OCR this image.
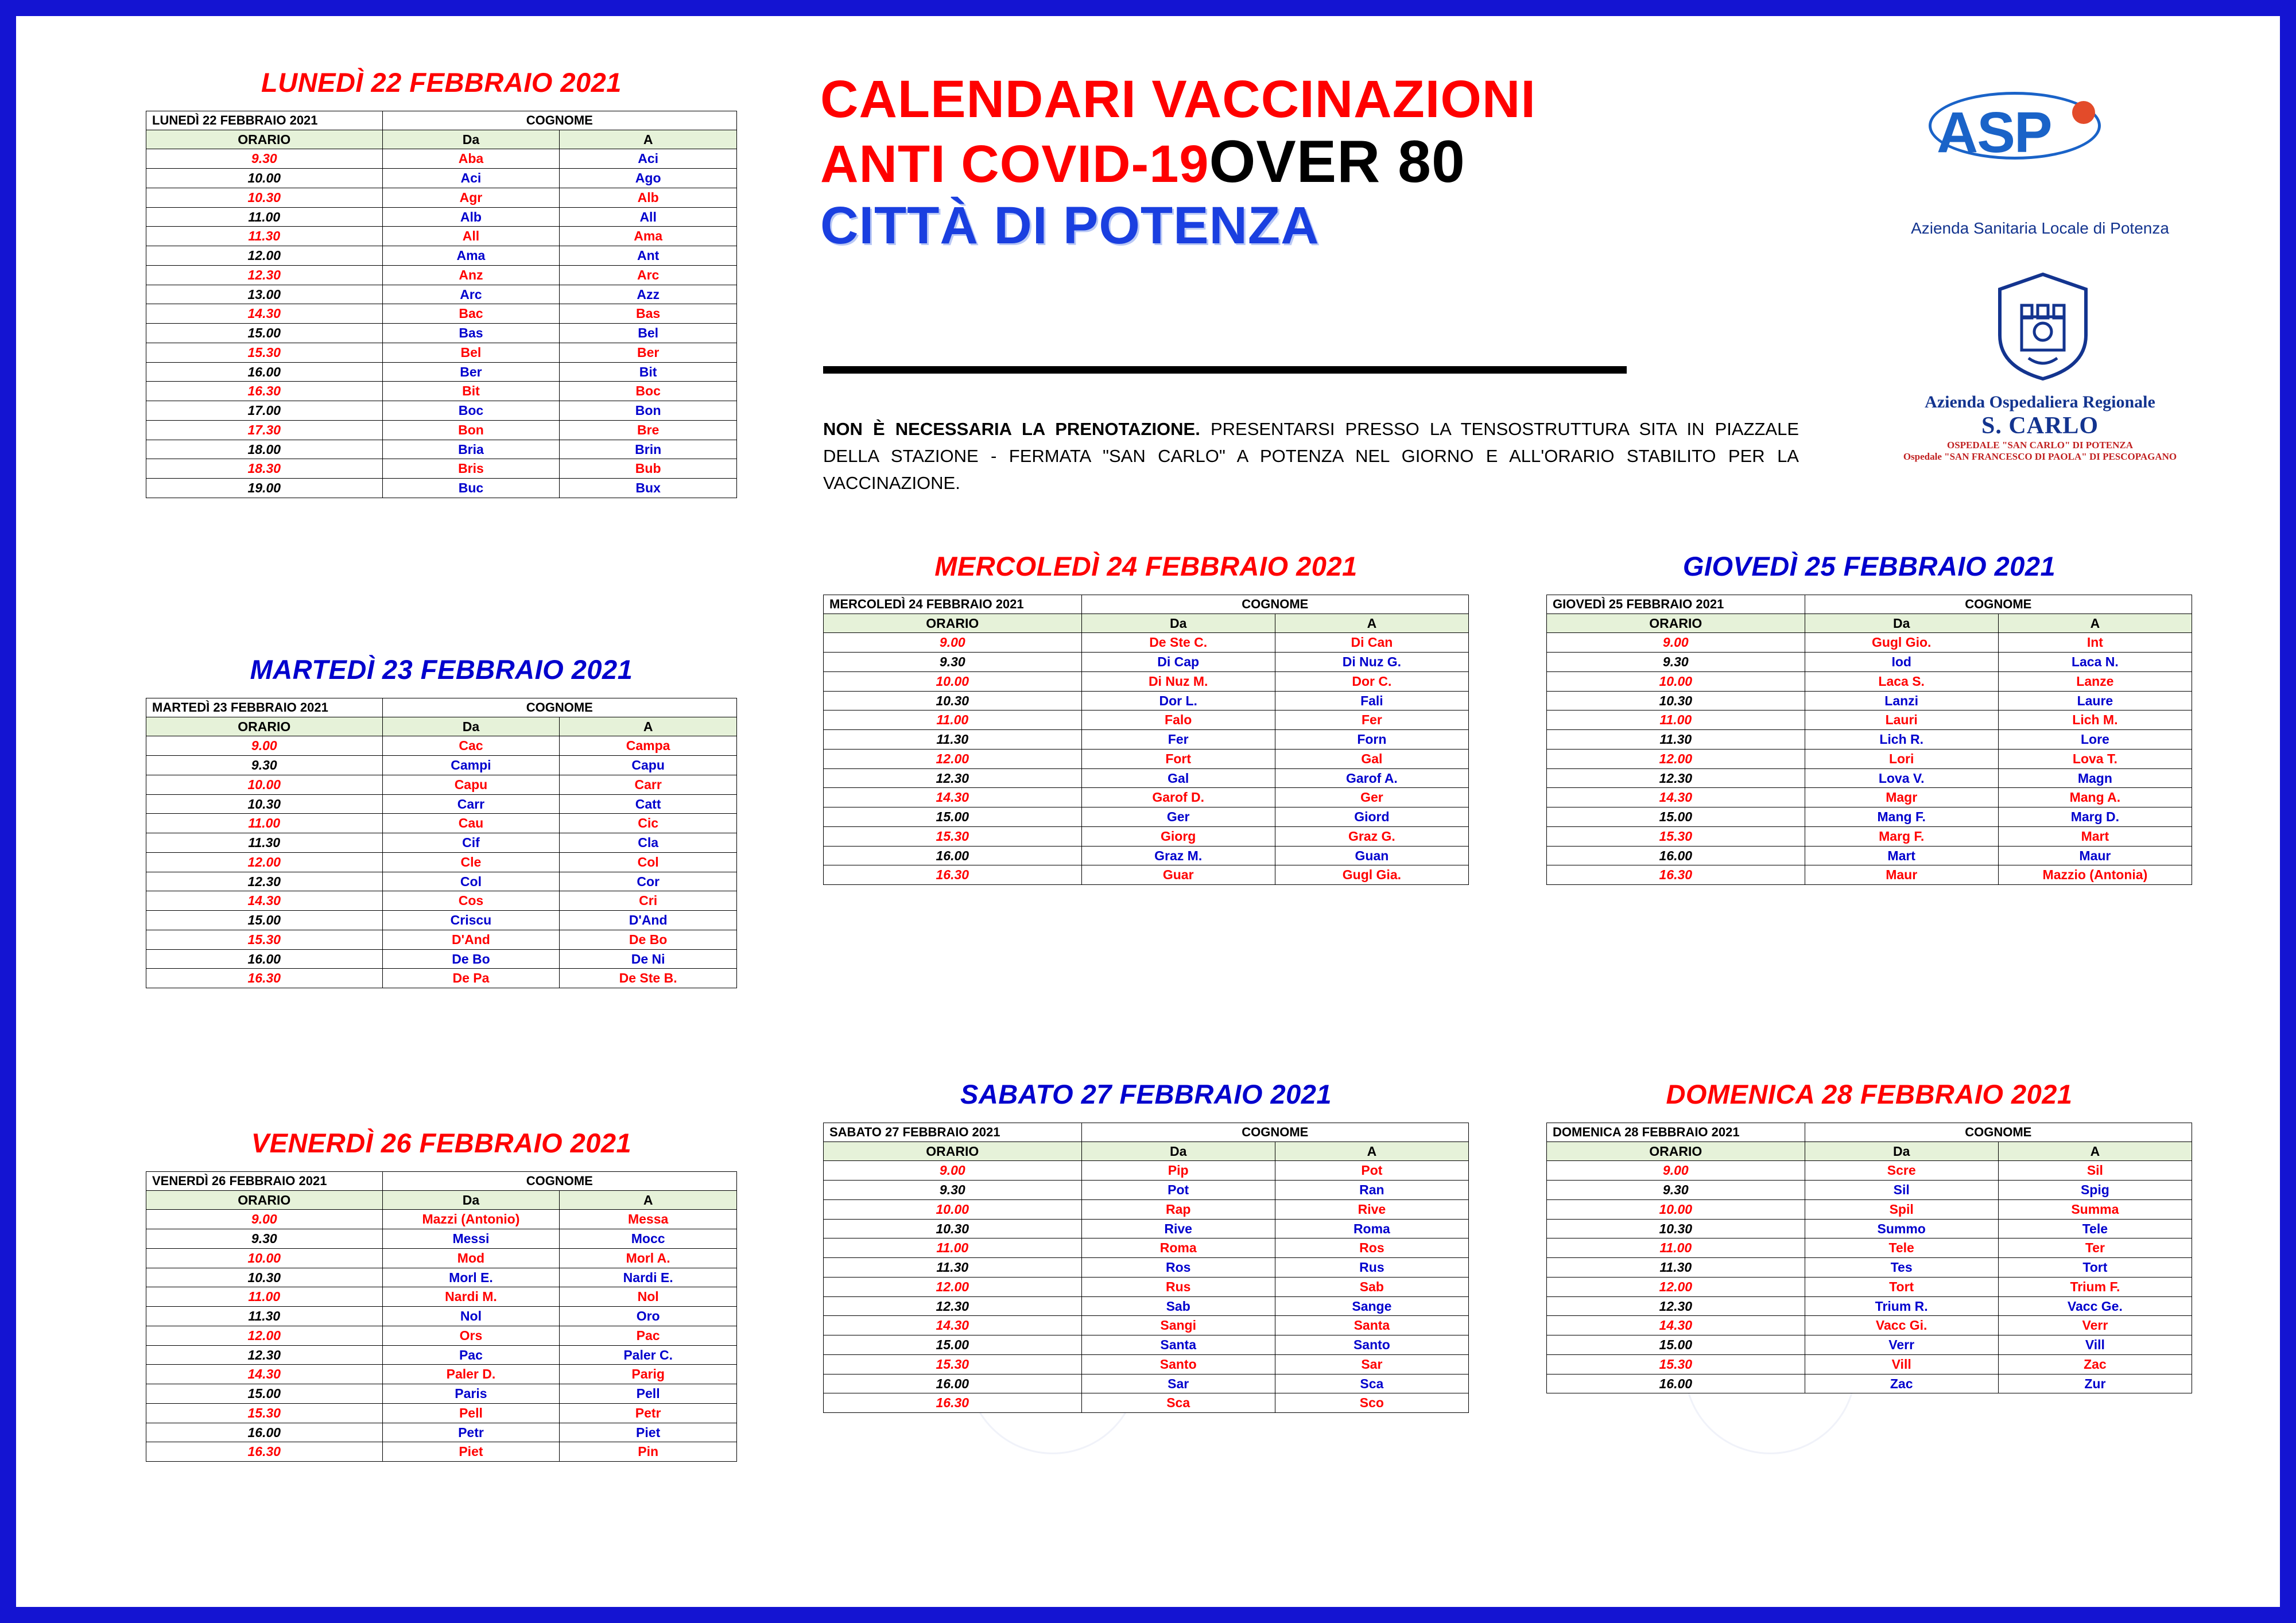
CALENDARI VACCINAZIONI
ANTI COVID-19OVER 80
CITTÀ DI POTENZA
NON È NECESSARIA LA PRENOTAZIONE. PRESENTARSI PRESSO LA TENSOSTRUTTURA SITA IN PIAZZALE DELLA STAZIONE - FERMATA "SAN CARLO" A POTENZA NEL GIORNO E ALL'ORARIO STABILITO PER LA VACCINAZIONE.
ASP
Azienda Sanitaria Locale di Potenza
Azienda Ospedaliera Regionale
S. CARLO
OSPEDALE "SAN CARLO" DI POTENZA
Ospedale "SAN FRANCESCO DI PAOLA" DI PESCOPAGANO
LUNEDÌ 22 FEBBRAIO 2021
LUNEDÌ 22 FEBBRAIO 2021	COGNOME	
ORARIO	Da	A
9.30	Aba	Aci
10.00	Aci	Ago
10.30	Agr	Alb
11.00	Alb	All
11.30	All	Ama
12.00	Ama	Ant
12.30	Anz	Arc
13.00	Arc	Azz
14.30	Bac	Bas
15.00	Bas	Bel
15.30	Bel	Ber
16.00	Ber	Bit
16.30	Bit	Boc
17.00	Boc	Bon
17.30	Bon	Bre
18.00	Bria	Brin
18.30	Bris	Bub
19.00	Buc	Bux
MARTEDÌ 23 FEBBRAIO 2021
MARTEDÌ 23 FEBBRAIO 2021	COGNOME	
ORARIO	Da	A
9.00	Cac	Campa
9.30	Campi	Capu
10.00	Capu	Carr
10.30	Carr	Catt
11.00	Cau	Cic
11.30	Cif	Cla
12.00	Cle	Col
12.30	Col	Cor
14.30	Cos	Cri
15.00	Criscu	D'And
15.30	D'And	De Bo
16.00	De Bo	De Ni
16.30	De Pa	De Ste B.
VENERDÌ 26 FEBBRAIO 2021
VENERDÌ 26 FEBBRAIO 2021	COGNOME	
ORARIO	Da	A
9.00	Mazzi (Antonio)	Messa
9.30	Messi	Mocc
10.00	Mod	Morl A.
10.30	Morl E.	Nardi E.
11.00	Nardi M.	Nol
11.30	Nol	Oro
12.00	Ors	Pac
12.30	Pac	Paler C.
14.30	Paler D.	Parig
15.00	Paris	Pell
15.30	Pell	Petr
16.00	Petr	Piet
16.30	Piet	Pin
MERCOLEDÌ 24 FEBBRAIO 2021
MERCOLEDÌ 24 FEBBRAIO 2021	COGNOME	
ORARIO	Da	A
9.00	De Ste C.	Di Can
9.30	Di Cap	Di Nuz G.
10.00	Di Nuz M.	Dor C.
10.30	Dor L.	Fali
11.00	Falo	Fer
11.30	Fer	Forn
12.00	Fort	Gal
12.30	Gal	Garof A.
14.30	Garof D.	Ger
15.00	Ger	Giord
15.30	Giorg	Graz G.
16.00	Graz M.	Guan
16.30	Guar	Gugl Gia.
SABATO 27 FEBBRAIO 2021
SABATO 27 FEBBRAIO 2021	COGNOME	
ORARIO	Da	A
9.00	Pip	Pot
9.30	Pot	Ran
10.00	Rap	Rive
10.30	Rive	Roma
11.00	Roma	Ros
11.30	Ros	Rus
12.00	Rus	Sab
12.30	Sab	Sange
14.30	Sangi	Santa
15.00	Santa	Santo
15.30	Santo	Sar
16.00	Sar	Sca
16.30	Sca	Sco
GIOVEDÌ 25 FEBBRAIO 2021
GIOVEDÌ 25 FEBBRAIO 2021	COGNOME	
ORARIO	Da	A
9.00	Gugl Gio.	Int
9.30	Iod	Laca N.
10.00	Laca S.	Lanze
10.30	Lanzi	Laure
11.00	Lauri	Lich M.
11.30	Lich R.	Lore
12.00	Lori	Lova T.
12.30	Lova V.	Magn
14.30	Magr	Mang A.
15.00	Mang F.	Marg D.
15.30	Marg F.	Mart
16.00	Mart	Maur
16.30	Maur	Mazzio (Antonia)
DOMENICA 28 FEBBRAIO 2021
DOMENICA 28 FEBBRAIO 2021	COGNOME	
ORARIO	Da	A
9.00	Scre	Sil
9.30	Sil	Spig
10.00	Spil	Summa
10.30	Summo	Tele
11.00	Tele	Ter
11.30	Tes	Tort
12.00	Tort	Trium F.
12.30	Trium R.	Vacc Ge.
14.30	Vacc Gi.	Verr
15.00	Verr	Vill
15.30	Vill	Zac
16.00	Zac	Zur
